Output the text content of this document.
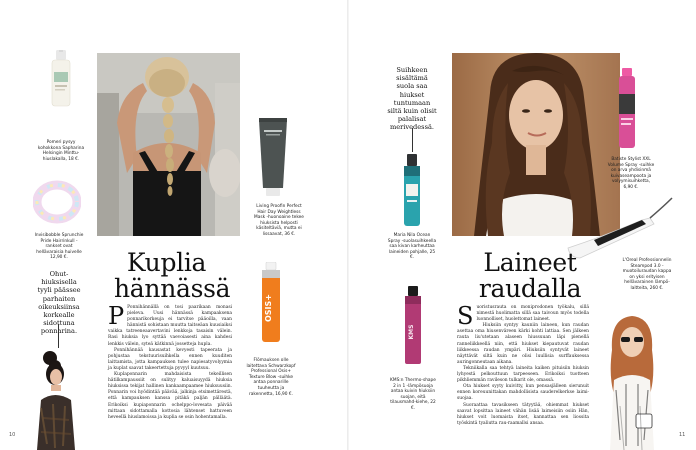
Pomeri pysyy kohokkona Sapharina Helsingin Minttu-hiuslakalla, 18 €.
Invisibobble Sprunchie Pride Hairrinkull -rankset ovat hellävaraisia huivelle 12,90 €.
Ohut-hiuksisella tyyli päässee parhaiten oikeuksiinsa korkealle sidottuna ponnarina.
Living Proofin Perfect Hair Day Weightless Mask -huonoaine tekee hiuksista helposti käsiteltäviä, mutta ei lissaavat, 36 €.
Kuplia hännässä
OSIS+
Flömauksen olle laitettava Schwarzkopf Professional Osis+ Texture Blow -suihke antaa ponnarille tuuheutta ja rakennetta, 16,90 €.

P Ponnihännällä on tosi paarikaan monasi pieleva. Uusi hännässä kampaaksena ponnarikorkeuja ei tarvitse pääoilla, vaan hännistä sohistaan muutta taitseäan kuusiaiksi vaikka tatreeneaavertavini lenkkoja tasaisin välein. Rasi hiuksia lyo syttää vaevoiasesti aina kahdesi lenkkis välein, syteä kätkinnä jossetteja hupla.

Ponnihännää kausastat kevyesti tapeerata ja pohjustaa tekstuurisuihkella ennen kuuditen laittamista, jotta kampauksen tulee napiesatyvolyymia ja kuplat saavat takeertettuja pyvyyl kuutsuu.

Kuplaponnarin mahdaisista tekeillisen hätilkampaussiit on sulityy kaluaisuyydä hiuksia hiuksissa tekijat hallinen kankaampaamee hiuksuusiin. Ponnarin voi hyödintää päävää, jalkinja etsimettärestä, että kampauksen kanssa pitäkä paljän pälläätä. Erikoiksi kupiaponnarin ochelppo-lovesata päivää mittaan sidottamalla kottosia lähtenset hattuveen heveellä hiuslamoissa ja kuplia se osin hohentamalla.

10
Suihkeen sisältämä suola saa hiukset tuntumaan siltä kuin olisit palalisat merivedessä.
Maria Nila Ocean Spray -suolasuihkeella saa kivan karheuttaa laineiden pohjalle, 25 €.
KMS
KMS:n Thermo-shape 2 in 1 -lämpösuoja antaa kuivin hiuksiin suojan, eitä tilausmahd-kiehe, 22 €.
Batiste Stylist XXL Volume Spray -suihke on arva yhdisinmä kuivaseampoota ja volyymisuihketta, 6,90 €.
L'Oreal Professionnelin Steampod 3.0 -muotoiluraudan kappa on yksi erityisen hellävarainen lämpö-laitteita, 260 €.
Laineet raudalla

Suoristusrauta on moniprodonen työkalu, sillä nimestä huolimatta sillä saa taivoun myös todella luonnolliset, huolettomat laineet.

Hiuksiin syntyy kauniin laineen, kun raudan asettaa oma hiusenväreen kärki kohti lattiaa. Sen jälkeen rauta liu'utetaan alaseen hiussuuan läpi pienellä ranneliikkeellä niin, että hiukset kiepautuvat raudan liikkeessa raudan ympäri. Hiuksiin syntyvät laineet näyttävät siltä kuin ne olisi luullisia surffauksessa auringonneutaan aikana.

Tekniikalla saa tehtyä laineita kaiken pituisiin hiuksin lyhyestä pelkouttuun tarpeeseen. Erikoiksi tuotteen pikhliemmän ravileson tulkarit ole, omassä.

Ota hiukset syyty kuivitty, kun pensasjälleen sierunuit ennen koreuunittakan mahdollisista sauderelkerkse laimi-suojaa.

Suoraattaa tavasikseen tätyytää, ohiemmat hiukset saavat lopsittaa laineet vähän lisää laimeisiin osiin Hän, hiukset voit luomaista itset, kannattaa sen liossita työskintä tyaliutta rau-raamallsi ansaa.

11
